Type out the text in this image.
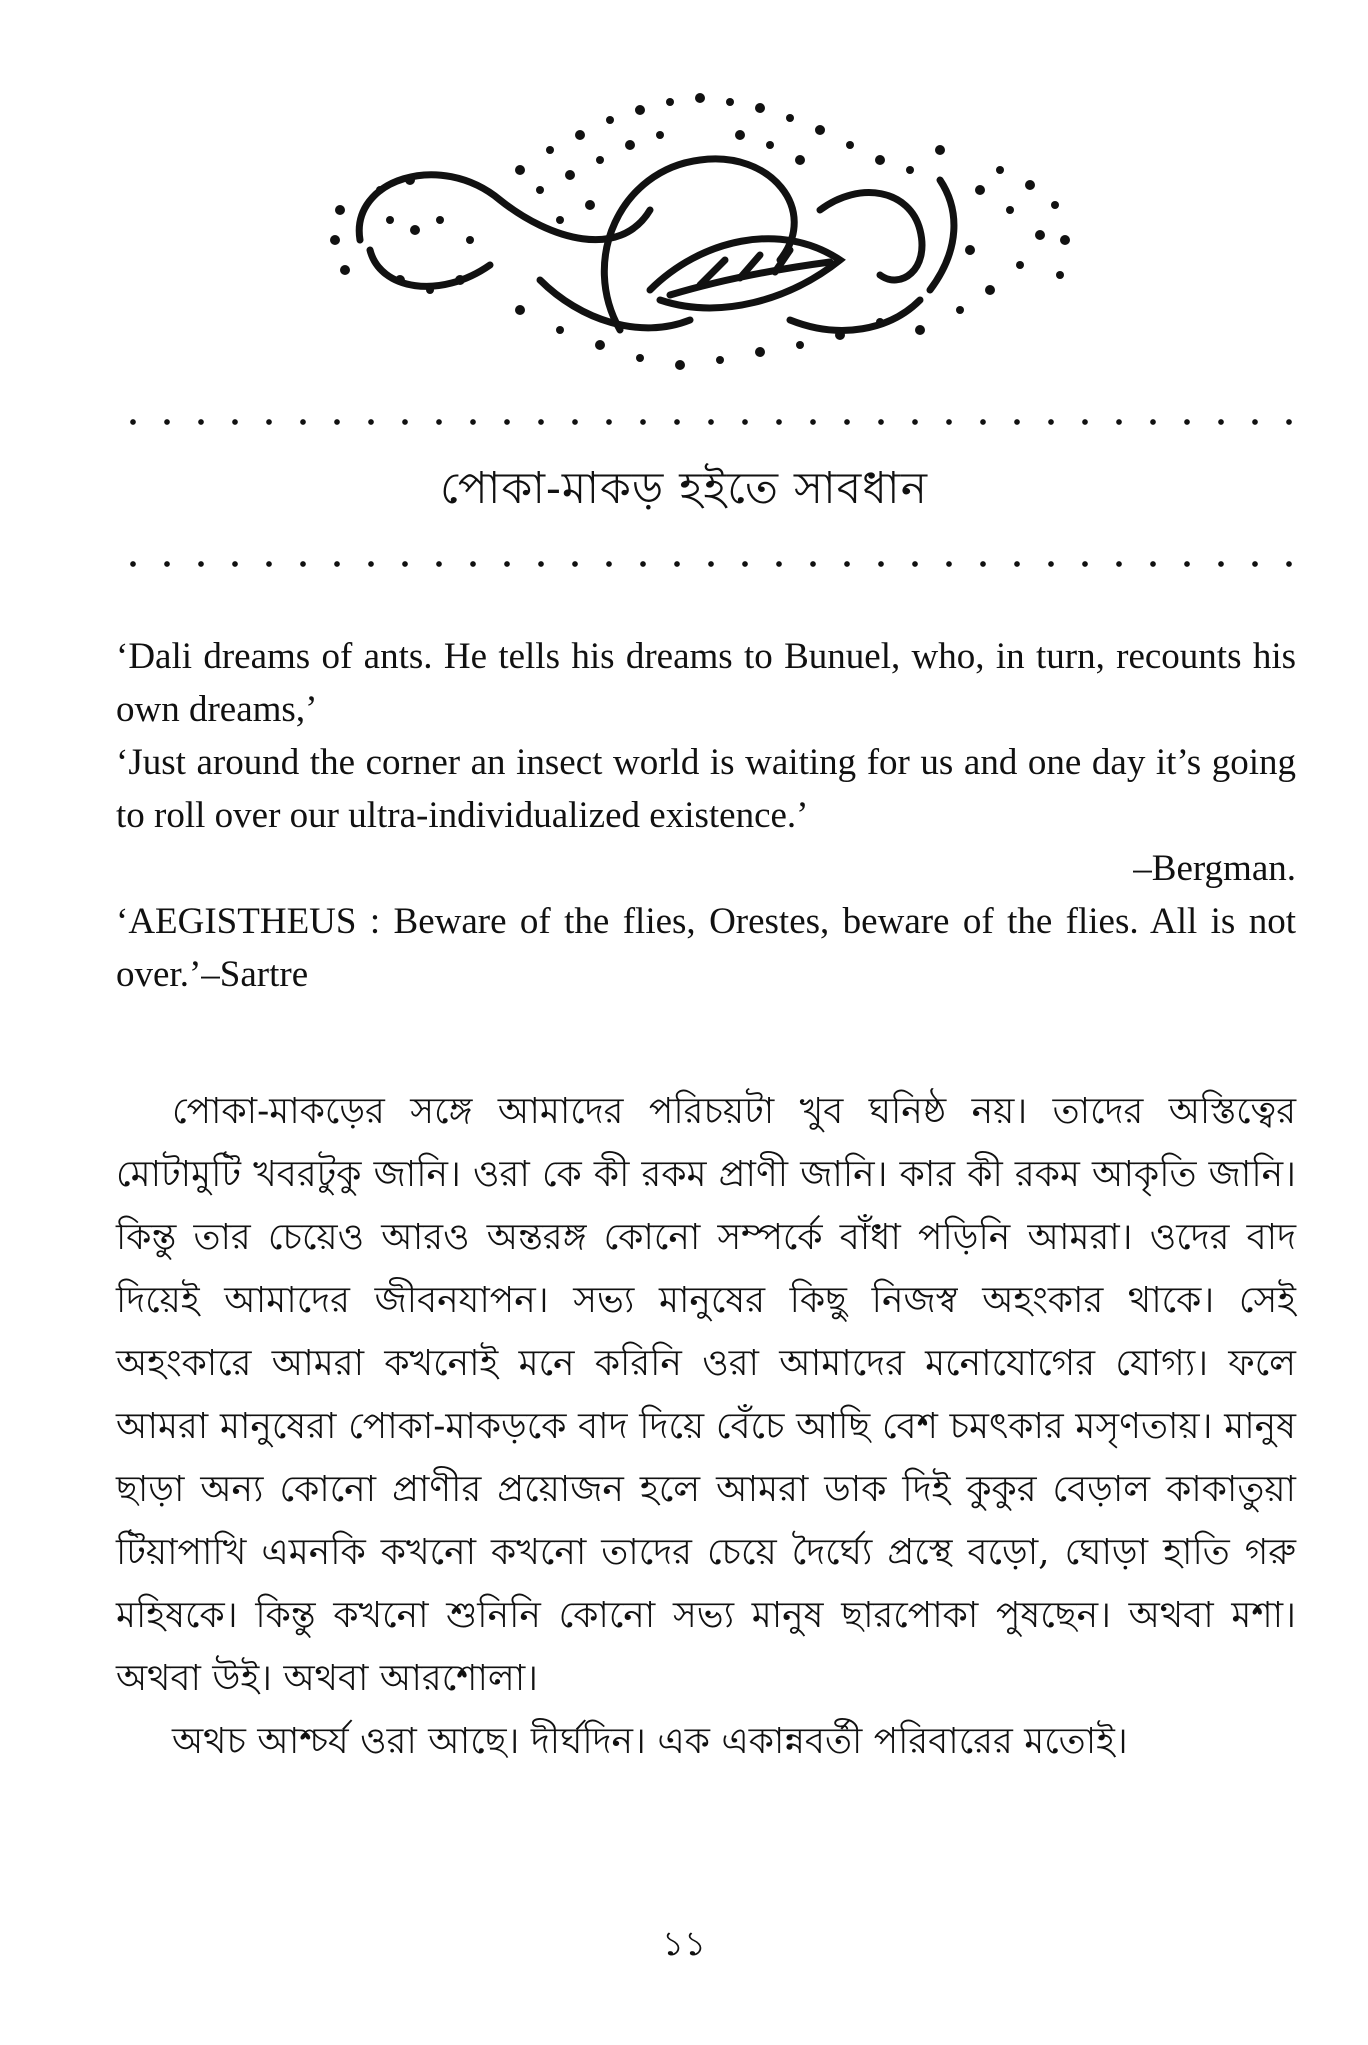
পোকা-মাকড় হইতে সাবধান

‘Dali dreams of ants. He tells his dreams to Bunuel, who, in turn, recounts his own dreams,’

‘Just around the corner an insect world is waiting for us and one day it’s going to roll over our ultra-individualized existence.’

–Bergman.

‘AEGISTHEUS : Beware of the flies, Orestes, beware of the flies. All is not over.’–Sartre

পোকা-মাকড়ের সঙ্গে আমাদের পরিচয়টা খুব ঘনিষ্ঠ নয়। তাদের অস্তিত্বের মোটামুটি খবরটুকু জানি। ওরা কে কী রকম প্রাণী জানি। কার কী রকম আকৃতি জানি। কিন্তু তার চেয়েও আরও অন্তরঙ্গ কোনো সম্পর্কে বাঁধা পড়িনি আমরা। ওদের বাদ দিয়েই আমাদের জীবনযাপন। সভ্য মানুষের কিছু নিজস্ব অহংকার থাকে। সেই অহংকারে আমরা কখনোই মনে করিনি ওরা আমাদের মনোযোগের যোগ্য। ফলে আমরা মানুষেরা পোকা-মাকড়কে বাদ দিয়ে বেঁচে আছি বেশ চমৎকার মসৃণতায়। মানুষ ছাড়া অন্য কোনো প্রাণীর প্রয়োজন হলে আমরা ডাক দিই কুকুর বেড়াল কাকাতুয়া টিয়াপাখি এমনকি কখনো কখনো তাদের চেয়ে দৈর্ঘ্যে প্রস্থে বড়ো, ঘোড়া হাতি গরু মহিষকে। কিন্তু কখনো শুনিনি কোনো সভ্য মানুষ ছারপোকা পুষছেন। অথবা মশা। অথবা উই। অথবা আরশোলা।

অথচ আশ্চর্য ওরা আছে। দীর্ঘদিন। এক একান্নবর্তী পরিবারের মতোই।

১১
